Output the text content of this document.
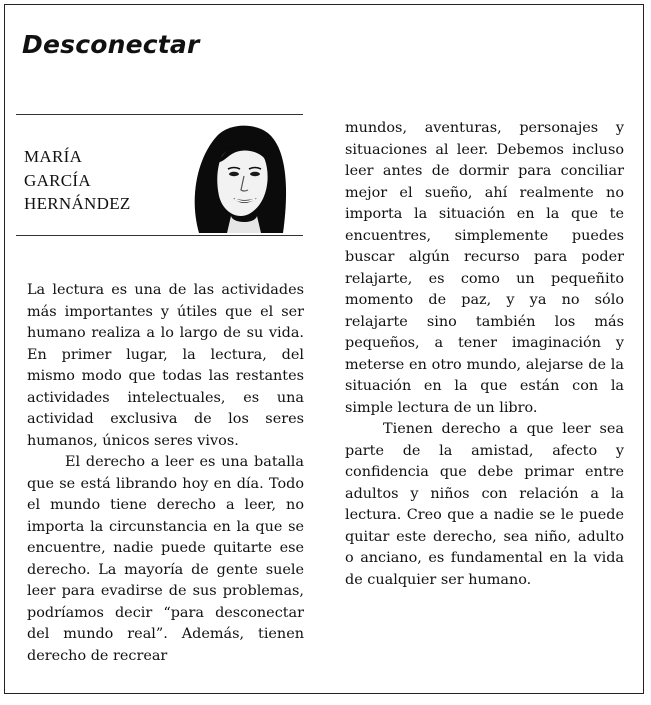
Desconectar
MARÍA
GARCÍA
HERNÁNDEZ

La lectura es una de las actividades más importantes y útiles que el ser humano realiza a lo largo de su vida. En primer lugar, la lectura, del mismo modo que todas las restantes actividades intelectuales, es una actividad exclusiva de los seres humanos, únicos seres vivos.

El derecho a leer es una batalla que se está librando hoy en día. Todo el mundo tiene derecho a leer, no importa la circunstancia en la que se encuentre, nadie puede quitarte ese derecho. La mayoría de gente suele leer para evadirse de sus problemas, podríamos decir “para desconectar del mundo real”. Además, tienen derecho de recrear

mundos, aventuras, personajes y situaciones al leer. Debemos incluso leer antes de dormir para conciliar mejor el sueño, ahí realmente no importa la situación en la que te encuentres, simplemente puedes buscar algún recurso para poder relajarte, es como un pequeñito momento de paz, y ya no sólo relajarte sino también los más pequeños, a tener imaginación y meterse en otro mundo, alejarse de la situación en la que están con la simple lectura de un libro.

Tienen derecho a que leer sea parte de la amistad, afecto y confidencia que debe primar entre adultos y niños con relación a la lectura. Creo que a nadie se le puede quitar este derecho, sea niño, adulto o anciano, es fundamental en la vida de cualquier ser humano.
